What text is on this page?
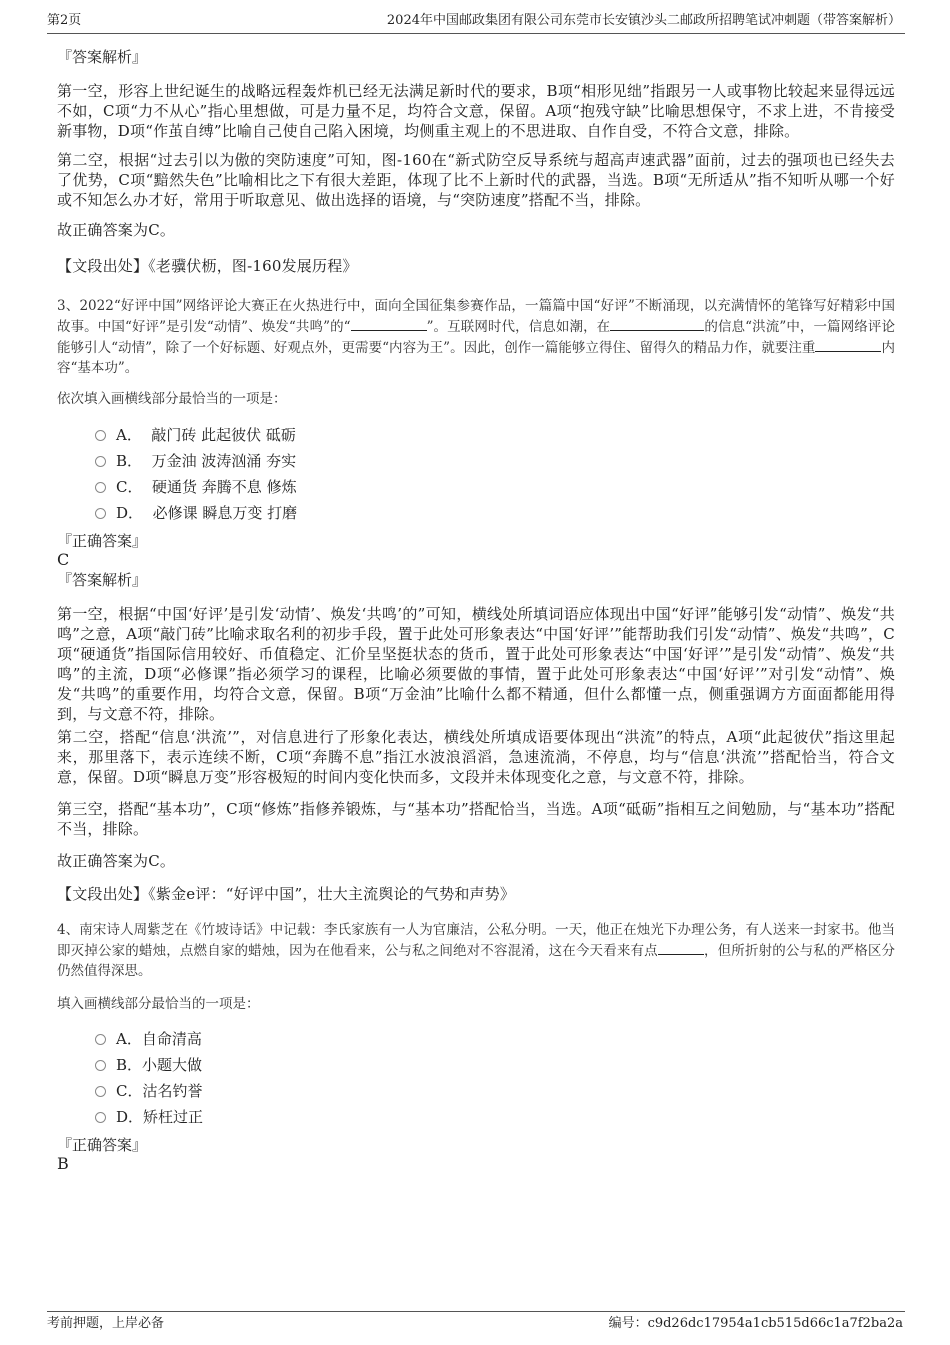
第2页	2024年中国邮政集团有限公司东莞市长安镇沙头二邮政所招聘笔试冲刺题（带答案解析）
『答案解析』
第一空，形容上世纪诞生的战略远程轰炸机已经无法满足新时代的要求，B项“相形见绌”指跟另一人或事物比较起来显得远远不如，C项“力不从心”指心里想做，可是力量不足，均符合文意，保留。A项“抱残守缺”比喻思想保守，不求上进，不肯接受新事物，D项“作茧自缚”比喻自己使自己陷入困境，均侧重主观上的不思进取、自作自受，不符合文意，排除。
第二空，根据“过去引以为傲的突防速度”可知，图-160在“新式防空反导系统与超高声速武器”面前，过去的强项也已经失去了优势，C项“黯然失色”比喻相比之下有很大差距，体现了比不上新时代的武器，当选。B项“无所适从”指不知听从哪一个好或不知怎么办才好，常用于听取意见、做出选择的语境，与“突防速度”搭配不当，排除。
故正确答案为C。
【文段出处】《老骥伏枥，图-160发展历程》
3、2022“好评中国”网络评论大赛正在火热进行中，面向全国征集参赛作品，一篇篇中国“好评”不断涌现，以充满情怀的笔锋写好精彩中国故事。中国“好评”是引发“动情”、焕发“共鸣”的“	”。互联网时代，信息如潮，在	的信息“洪流”中，一篇网络评论能够引人“动情”，除了一个好标题、好观点外，更需要“内容为王”。因此，创作一篇能够立得住、留得久的精品力作，就要注重	内容“基本功”。
依次填入画横线部分最恰当的一项是：
A． 敲门砖 此起彼伏 砥砺
B． 万金油 波涛汹涌 夯实
C． 硬通货 奔腾不息 修炼
D． 必修课 瞬息万变 打磨
『正确答案』
C
『答案解析』
第一空，根据“中国‘好评’是引发‘动情’、焕发‘共鸣’的”可知，横线处所填词语应体现出中国“好评”能够引发“动情”、焕发“共鸣”之意，A项“敲门砖”比喻求取名利的初步手段，置于此处可形象表达“中国‘好评’”能帮助我们引发“动情”、焕发“共鸣”，C项“硬通货”指国际信用较好、币值稳定、汇价呈坚挺状态的货币，置于此处可形象表达“中国‘好评’”是引发“动情”、焕发“共鸣”的主流，D项“必修课”指必须学习的课程，比喻必须要做的事情，置于此处可形象表达“中国‘好评’”对引发“动情”、焕发“共鸣”的重要作用，均符合文意，保留。B项“万金油”比喻什么都不精通，但什么都懂一点，侧重强调方方面面都能用得到，与文意不符，排除。
第二空，搭配“信息‘洪流’”，对信息进行了形象化表达，横线处所填成语要体现出“洪流”的特点，A项“此起彼伏”指这里起来，那里落下，表示连续不断，C项“奔腾不息”指江水波浪滔滔，急速流淌，不停息，均与“信息‘洪流’”搭配恰当，符合文意，保留。D项“瞬息万变”形容极短的时间内变化快而多，文段并未体现变化之意，与文意不符，排除。
第三空，搭配“基本功”，C项“修炼”指修养锻炼，与“基本功”搭配恰当，当选。A项“砥砺”指相互之间勉励，与“基本功”搭配不当，排除。
故正确答案为C。
【文段出处】《紫金e评：“好评中国”，壮大主流舆论的气势和声势》
4、南宋诗人周紫芝在《竹坡诗话》中记载：李氏家族有一人为官廉洁，公私分明。一天，他正在烛光下办理公务，有人送来一封家书。他当即灭掉公家的蜡烛，点燃自家的蜡烛，因为在他看来，公与私之间绝对不容混淆，这在今天看来有点	，但所折射的公与私的严格区分仍然值得深思。
填入画横线部分最恰当的一项是：
A．自命清高
B．小题大做
C．沽名钓誉
D．矫枉过正
『正确答案』
B
考前押题，上岸必备	编号：c9d26dc17954a1cb515d66c1a7f2ba2a
